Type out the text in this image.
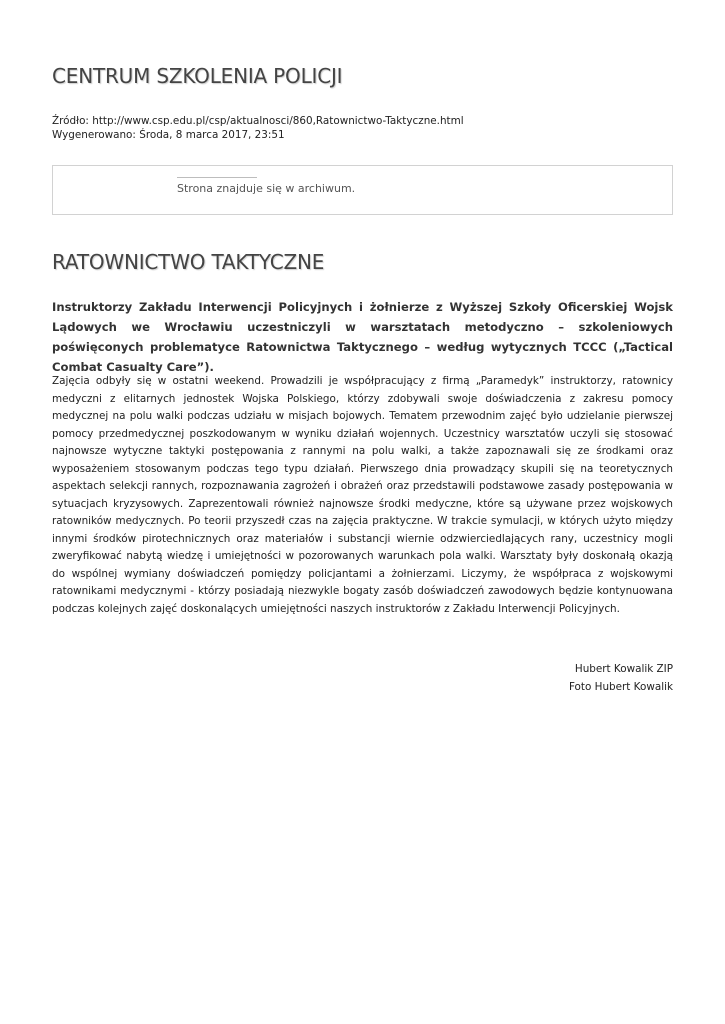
CENTRUM SZKOLENIA POLICJI
Źródło: http://www.csp.edu.pl/csp/aktualnosci/860,Ratownictwo-Taktyczne.html
Wygenerowano: Środa, 8 marca 2017, 23:51
Strona znajduje się w archiwum.
RATOWNICTWO TAKTYCZNE

Instruktorzy Zakładu Interwencji Policyjnych i żołnierze z Wyższej Szkoły Oficerskiej Wojsk Lądowych we Wrocławiu uczestniczyli w warsztatach metodyczno – szkoleniowych poświęconych problematyce Ratownictwa Taktycznego – według wytycznych TCCC („Tactical Combat Casualty Care”).

Zajęcia odbyły się w ostatni weekend. Prowadzili je współpracujący z firmą „Paramedyk” instruktorzy, ratownicy medyczni z elitarnych jednostek Wojska Polskiego, którzy zdobywali swoje doświadczenia z zakresu pomocy medycznej na polu walki podczas udziału w misjach bojowych. Tematem przewodnim zajęć było udzielanie pierwszej pomocy przedmedycznej poszkodowanym w wyniku działań wojennych. Uczestnicy warsztatów uczyli się stosować najnowsze wytyczne taktyki postępowania z rannymi na polu walki, a także zapoznawali się ze środkami oraz wyposażeniem stosowanym podczas tego typu działań. Pierwszego dnia prowadzący skupili się na teoretycznych aspektach selekcji rannych, rozpoznawania zagrożeń i obrażeń oraz przedstawili podstawowe zasady postępowania w sytuacjach kryzysowych. Zaprezentowali również najnowsze środki medyczne, które są używane przez wojskowych ratowników medycznych. Po teorii przyszedł czas na zajęcia praktyczne. W trakcie symulacji, w których użyto między innymi środków pirotechnicznych oraz materiałów i substancji wiernie odzwierciedlających rany, uczestnicy mogli zweryfikować nabytą wiedzę i umiejętności w pozorowanych warunkach pola walki. Warsztaty były doskonałą okazją do wspólnej wymiany doświadczeń pomiędzy policjantami a żołnierzami. Liczymy, że współpraca z wojskowymi ratownikami medycznymi - którzy posiadają niezwykle bogaty zasób doświadczeń zawodowych będzie kontynuowana podczas kolejnych zajęć doskonalących umiejętności naszych instruktorów z Zakładu Interwencji Policyjnych.

Hubert Kowalik ZIP
Foto Hubert Kowalik
